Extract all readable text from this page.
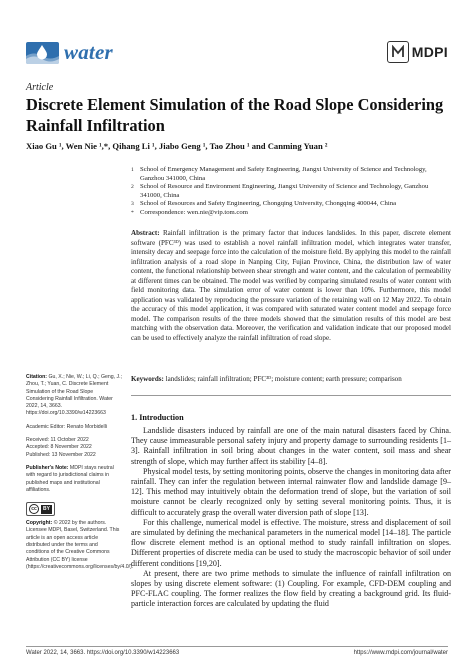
water	MDPI
Article
Discrete Element Simulation of the Road Slope Considering Rainfall Infiltration
Xiao Gu ¹, Wen Nie ¹,*, Qihang Li ¹, Jiabo Geng ¹, Tao Zhou ¹ and Canming Yuan ²
1 School of Emergency Management and Safety Engineering, Jiangxi University of Science and Technology, Ganzhou 341000, China
2 School of Resource and Environment Engineering, Jiangxi University of Science and Technology, Ganzhou 341000, China
3 School of Resources and Safety Engineering, Chongqing University, Chongqing 400044, China
* Correspondence: wen.nie@vip.tom.com
Abstract: Rainfall infiltration is the primary factor that induces landslides. In this paper, discrete element software (PFC³ᴰ) was used to establish a novel rainfall infiltration model, which integrates water transfer, intensity decay and seepage force into the calculation of the moisture field. By applying this model to the rainfall infiltration analysis of a road slope in Nanping City, Fujian Province, China, the distribution law of water content, the functional relationship between shear strength and water content, and the calculation of permeability at different times can be obtained. The model was verified by comparing simulated results of water content with field monitoring data. The simulation error of water content is lower than 10%. Furthermore, this model application was validated by reproducing the pressure variation of the retaining wall on 12 May 2022. To obtain the accuracy of this model application, it was compared with saturated water content model and seepage force model. The comparison results of the three models showed that the simulation results of this model are best matching with the observation data. Moreover, the verification and validation indicate that our proposed model can be used to effectively analyze the rainfall infiltration of road slope.
Keywords: landslides; rainfall infiltration; PFC³ᴰ; moisture content; earth pressure; comparison
Citation: Gu, X.; Nie, W.; Li, Q.; Geng, J.; Zhou, T.; Yuan, C. Discrete Element Simulation of the Road Slope Considering Rainfall Infiltration. Water 2022, 14, 3663. https://doi.org/10.3390/w14223663
Academic Editor: Renato Morbidelli
Received: 11 October 2022
Accepted: 8 November 2022
Published: 13 November 2022
Publisher's Note: MDPI stays neutral with regard to jurisdictional claims in published maps and institutional affiliations.
cc	BY
Copyright: © 2022 by the authors. Licensee MDPI, Basel, Switzerland. This article is an open access article distributed under the terms and conditions of the Creative Commons Attribution (CC BY) license (https://creativecommons.org/licenses/by/4.0/).
1. Introduction

Landslide disasters induced by rainfall are one of the main natural disasters faced by China. They cause immeasurable personal safety injury and property damage to surrounding residents [1–3]. Rainfall infiltration in soil bring about changes in the water content, soil mass and shear strength of slope, which may further affect its stability [4–8].

Physical model tests, by setting monitoring points, observe the changes in monitoring data after rainfall. They can infer the regulation between internal rainwater flow and landslide damage [9–12]. This method may intuitively obtain the deformation trend of slope, but the variation of soil moisture cannot be clearly recognized only by setting several monitoring points. Thus, it is difficult to accurately grasp the overall water diversion path of slope [13].

For this challenge, numerical model is effective. The moisture, stress and displacement of soil are simulated by defining the mechanical parameters in the numerical model [14–18]. The particle flow discrete element method is an optional method to study rainfall infiltration on slopes. Different properties of discrete media can be used to study the macroscopic behavior of soil under different conditions [19,20].

At present, there are two prime methods to simulate the influence of rainfall infiltration on slopes by using discrete element software: (1) Coupling. For example, CFD-DEM coupling and PFC-FLAC coupling. The former realizes the flow field by creating a background grid. Its fluid-particle interaction forces are calculated by updating the fluid

Water 2022, 14, 3663. https://doi.org/10.3390/w14223663	https://www.mdpi.com/journal/water
